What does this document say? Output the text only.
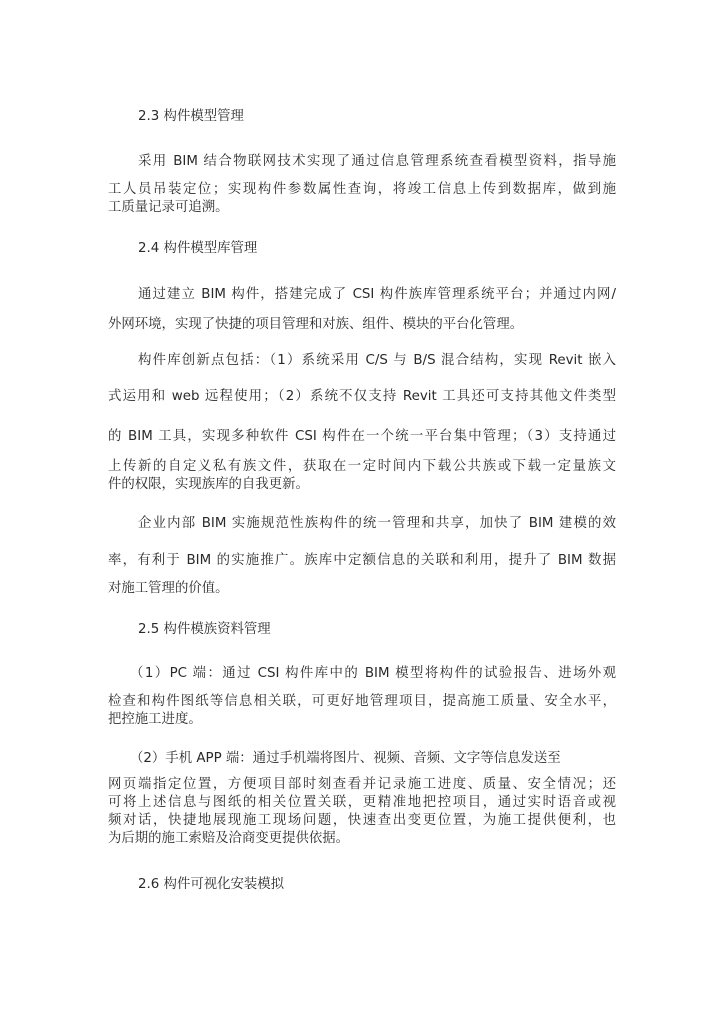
2.3 构件模型管理
采用 BIM 结合物联网技术实现了通过信息管理系统查看模型资料，指导施
工人员吊装定位；实现构件参数属性查询，将竣工信息上传到数据库，做到施
工质量记录可追溯。
2.4 构件模型库管理
通过建立 BIM 构件，搭建完成了 CSI 构件族库管理系统平台；并通过内网/
外网环境，实现了快捷的项目管理和对族、组件、模块的平台化管理。
构件库创新点包括：（1）系统采用 C/S 与 B/S 混合结构，实现 Revit 嵌入
式运用和 web 远程使用；（2）系统不仅支持 Revit 工具还可支持其他文件类型
的 BIM 工具，实现多种软件 CSI 构件在一个统一平台集中管理；（3）支持通过
上传新的自定义私有族文件，获取在一定时间内下载公共族或下载一定量族文
件的权限，实现族库的自我更新。
企业内部 BIM 实施规范性族构件的统一管理和共享，加快了 BIM 建模的效
率，有利于 BIM 的实施推广。族库中定额信息的关联和利用，提升了 BIM 数据
对施工管理的价值。
2.5 构件模族资料管理
（1）PC 端：通过 CSI 构件库中的 BIM 模型将构件的试验报告、进场外观
检查和构件图纸等信息相关联，可更好地管理项目，提高施工质量、安全水平，
把控施工进度。
（2）手机 APP 端：通过手机端将图片、视频、音频、文字等信息发送至
网页端指定位置，方便项目部时刻查看并记录施工进度、质量、安全情况；还
可将上述信息与图纸的相关位置关联，更精准地把控项目，通过实时语音或视
频对话，快捷地展现施工现场问题，快速查出变更位置，为施工提供便利，也
为后期的施工索赔及洽商变更提供依据。
2.6 构件可视化安装模拟
